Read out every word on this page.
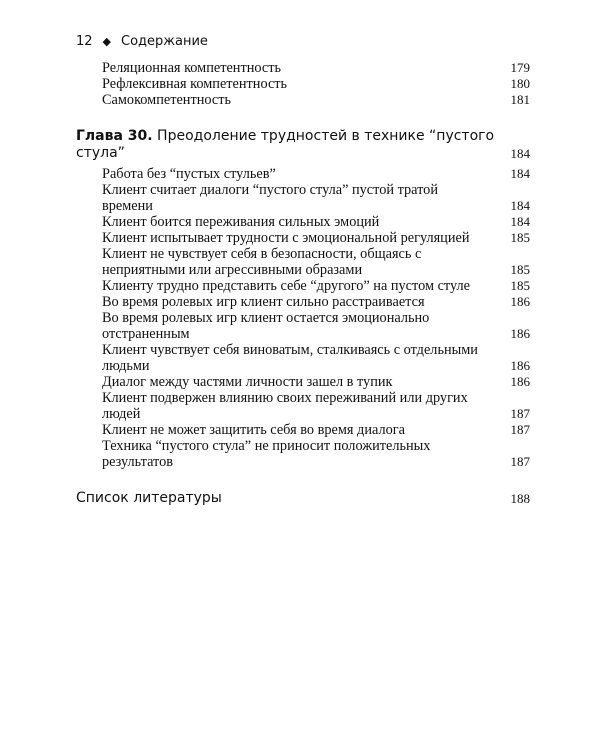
12 ◆ Содержание
Реляционная компетентность	179
Рефлексивная компетентность	180
Самокомпетентность	181
Глава 30. Преодоление трудностей в технике “пустого стула”	184
Работа без “пустых стульев”	184
Клиент считает диалоги “пустого стула” пустой тратой времени	184
Клиент боится переживания сильных эмоций	184
Клиент испытывает трудности с эмоциональной регуляцией	185
Клиент не чувствует себя в безопасности, общаясь с неприятными или агрессивными образами	185
Клиенту трудно представить себе “другого” на пустом стуле	185
Во время ролевых игр клиент сильно расстраивается	186
Во время ролевых игр клиент остается эмоционально отстраненным	186
Клиент чувствует себя виноватым, сталкиваясь с отдельными людьми	186
Диалог между частями личности зашел в тупик	186
Клиент подвержен влиянию своих переживаний или других людей	187
Клиент не может защитить себя во время диалога	187
Техника “пустого стула” не приносит положительных результатов	187
Список литературы	188
